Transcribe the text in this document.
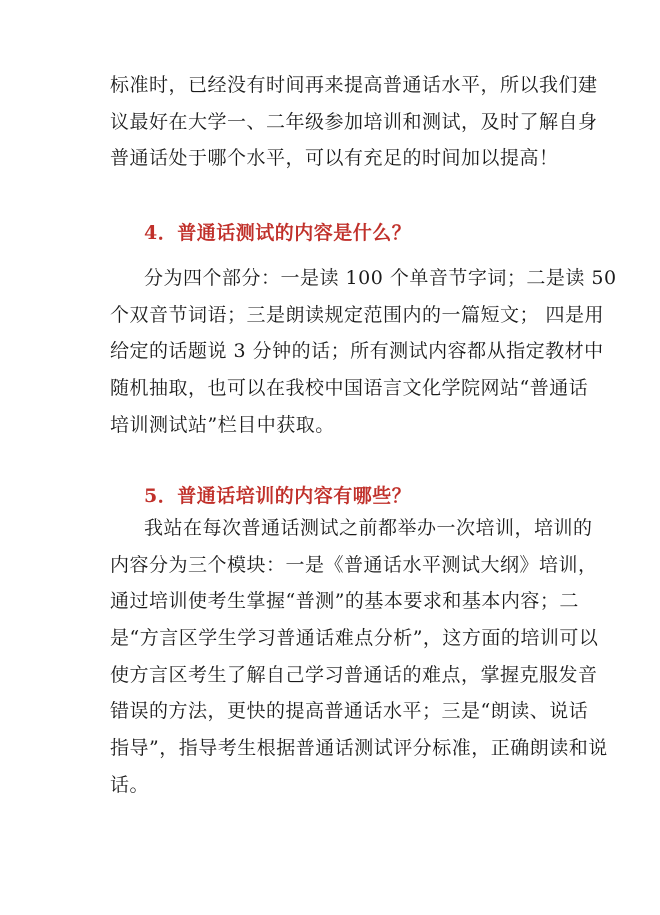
标准时，已经没有时间再来提高普通话水平，所以我们建
议最好在大学一、二年级参加培训和测试，及时了解自身
普通话处于哪个水平，可以有充足的时间加以提高！
4．普通话测试的内容是什么？
分为四个部分：一是读 100 个单音节字词；二是读 50
个双音节词语；三是朗读规定范围内的一篇短文； 四是用
给定的话题说 3 分钟的话；所有测试内容都从指定教材中
随机抽取，也可以在我校中国语言文化学院网站“普通话
培训测试站”栏目中获取。
5．普通话培训的内容有哪些？
我站在每次普通话测试之前都举办一次培训，培训的
内容分为三个模块：一是《普通话水平测试大纲》培训，
通过培训使考生掌握“普测”的基本要求和基本内容；二
是“方言区学生学习普通话难点分析”，这方面的培训可以
使方言区考生了解自己学习普通话的难点，掌握克服发音
错误的方法，更快的提高普通话水平；三是“朗读、说话
指导”，指导考生根据普通话测试评分标准，正确朗读和说
话。
